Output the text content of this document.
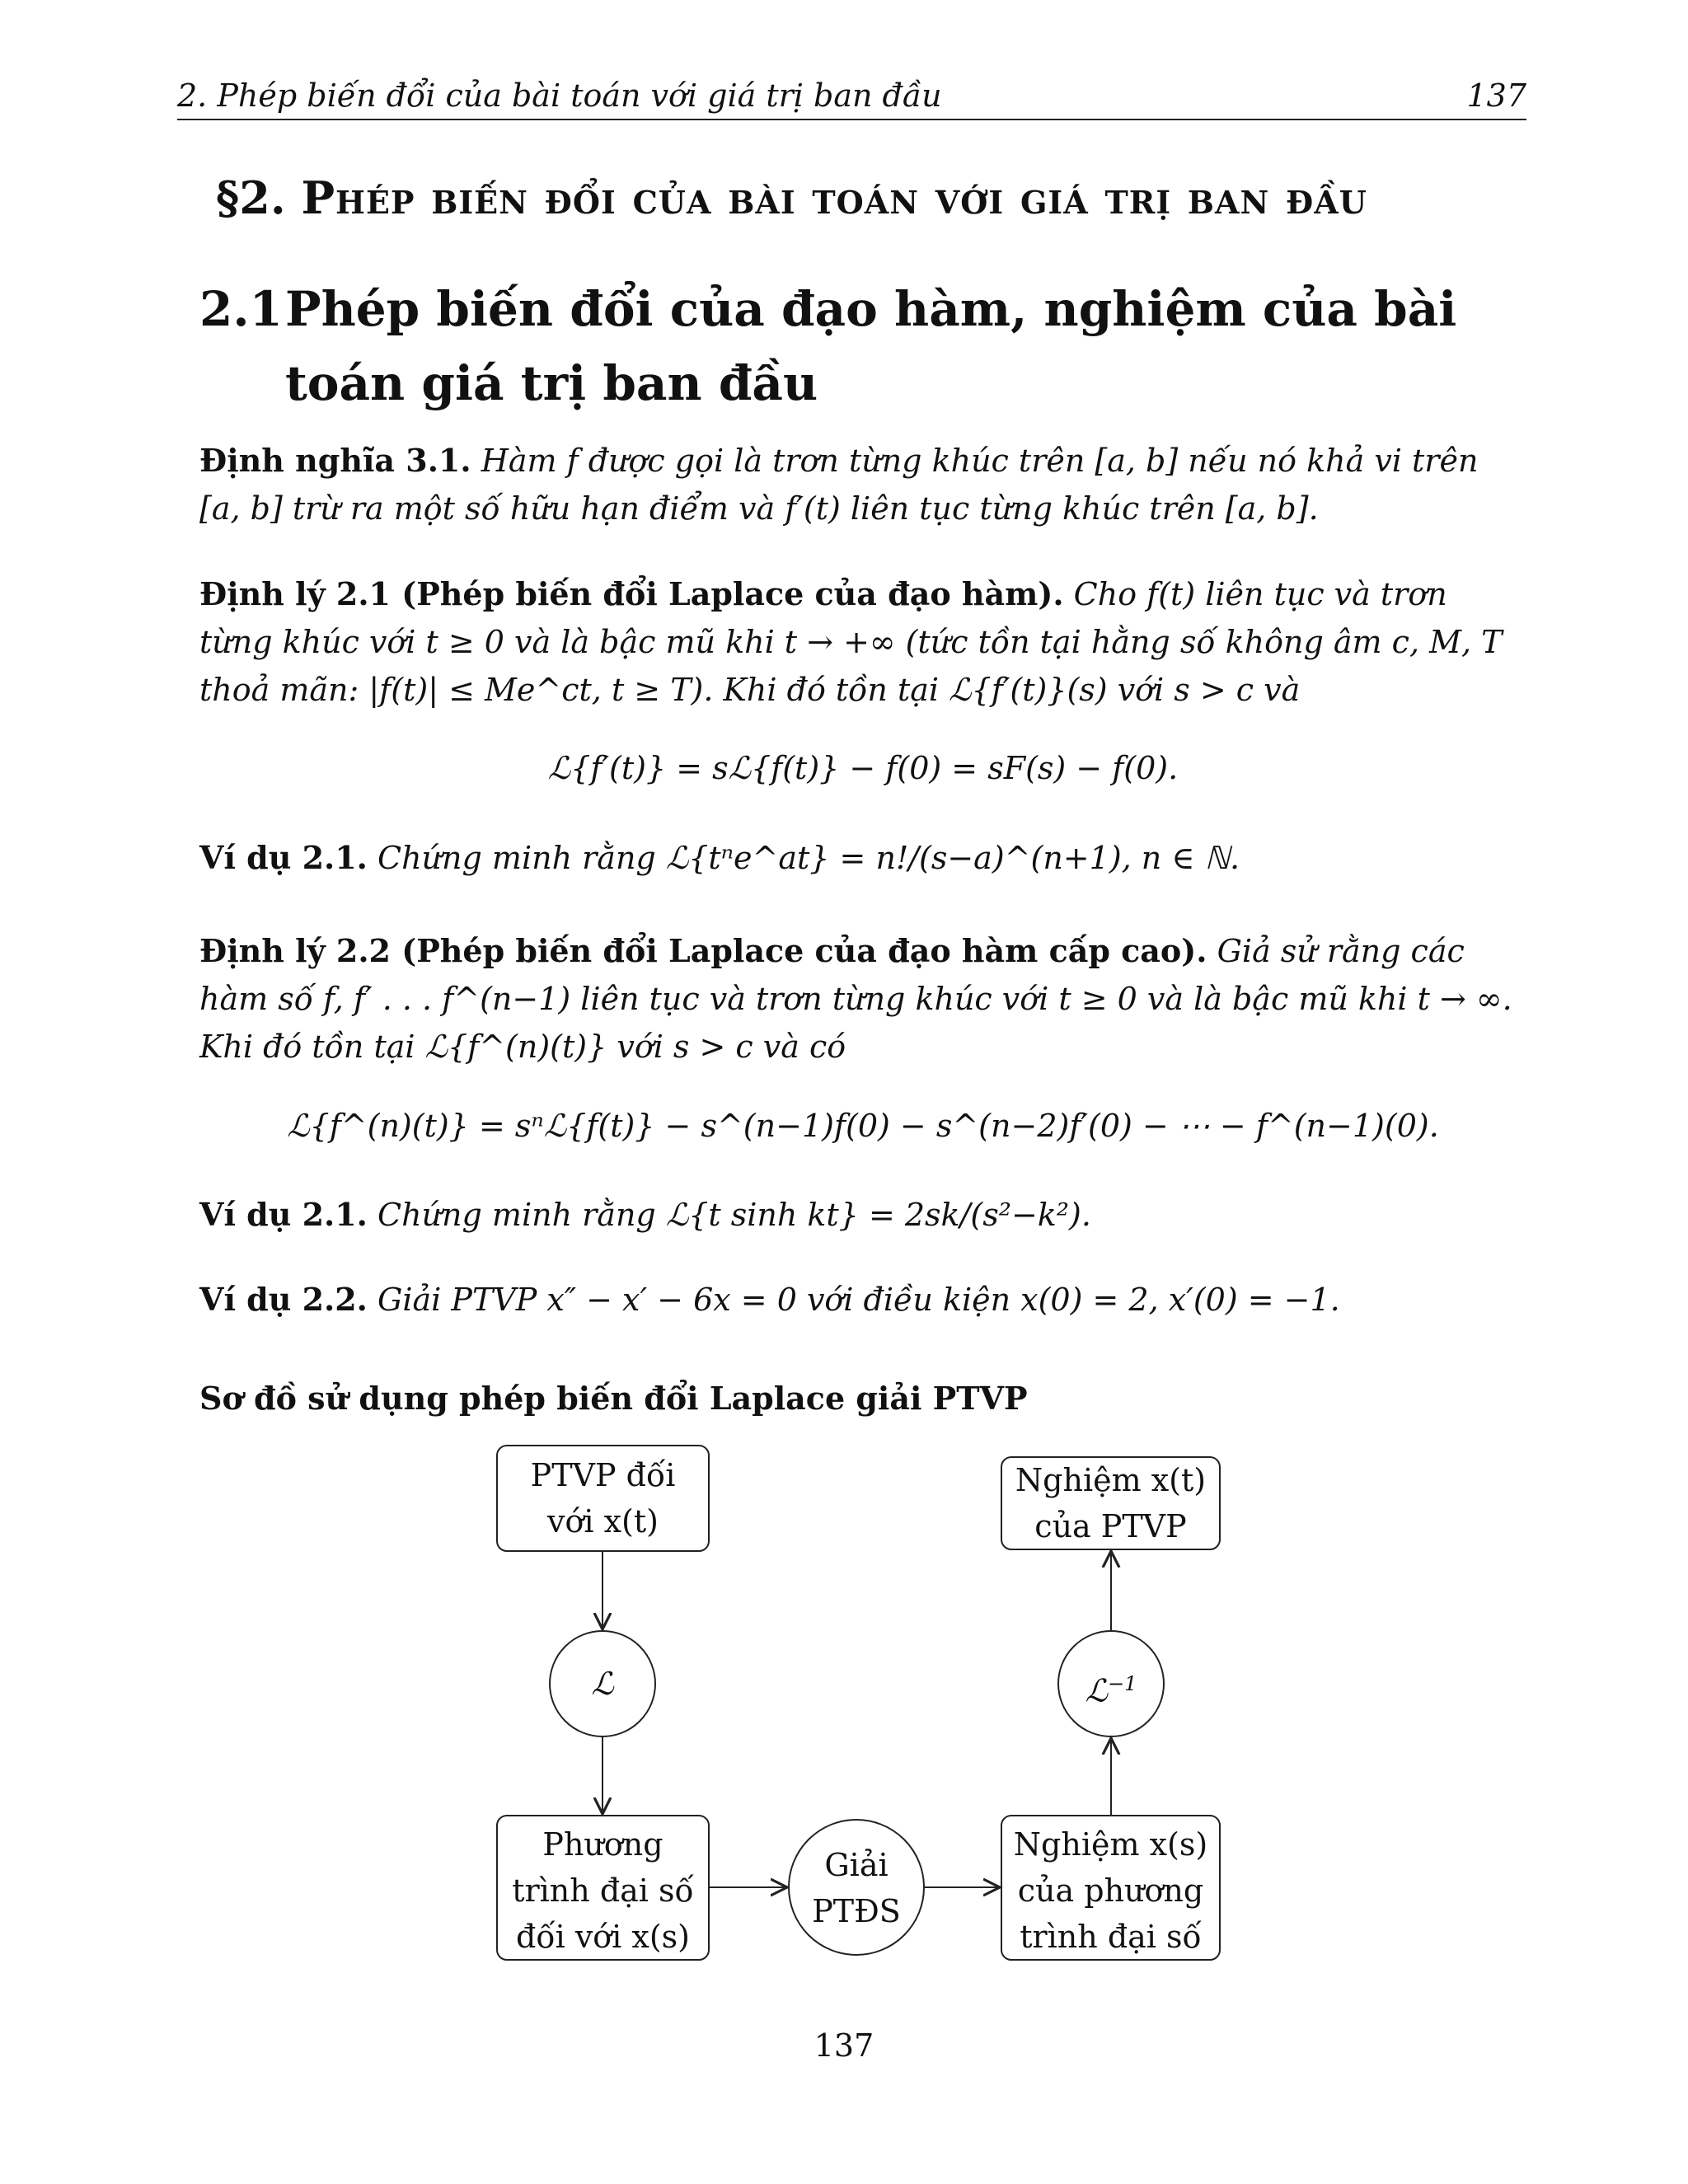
2. Phép biến đổi của bài toán với giá trị ban đầu	137
§2. Phép biến đổi của bài toán với giá trị ban đầu
2.1 Phép biến đổi của đạo hàm, nghiệm của bài toán giá trị ban đầu
Định nghĩa 3.1. Hàm f được gọi là trơn từng khúc trên [a, b] nếu nó khả vi trên [a, b] trừ ra một số hữu hạn điểm và f′(t) liên tục từng khúc trên [a, b].
Định lý 2.1 (Phép biến đổi Laplace của đạo hàm). Cho f(t) liên tục và trơn từng khúc với t ≥ 0 và là bậc mũ khi t → +∞ (tức tồn tại hằng số không âm c, M, T thoả mãn: |f(t)| ≤ Me^ct, t ≥ T). Khi đó tồn tại ℒ{f′(t)}(s) với s > c và
ℒ{f′(t)} = sℒ{f(t)} − f(0) = sF(s) − f(0).
Ví dụ 2.1. Chứng minh rằng ℒ{tⁿe^at} = n!/(s−a)^(n+1), n ∈ ℕ.
Định lý 2.2 (Phép biến đổi Laplace của đạo hàm cấp cao). Giả sử rằng các hàm số f, f′ . . . f^(n−1) liên tục và trơn từng khúc với t ≥ 0 và là bậc mũ khi t → ∞. Khi đó tồn tại ℒ{f^(n)(t)} với s > c và có
ℒ{f^(n)(t)} = sⁿℒ{f(t)} − s^(n−1)f(0) − s^(n−2)f′(0) − ⋯ − f^(n−1)(0).
Ví dụ 2.1. Chứng minh rằng ℒ{t sinh kt} = 2sk/(s²−k²).
Ví dụ 2.2. Giải PTVP x″ − x′ − 6x = 0 với điều kiện x(0) = 2, x′(0) = −1.
Sơ đồ sử dụng phép biến đổi Laplace giải PTVP
PTVP đối
với x(t)
Nghiệm x(t)
của PTVP
ℒ	ℒ$^{-1}$
Phương
trình đại số
đối với x(s)
Giải
PTĐS
Nghiệm x(s)
của phương
trình đại số
137
